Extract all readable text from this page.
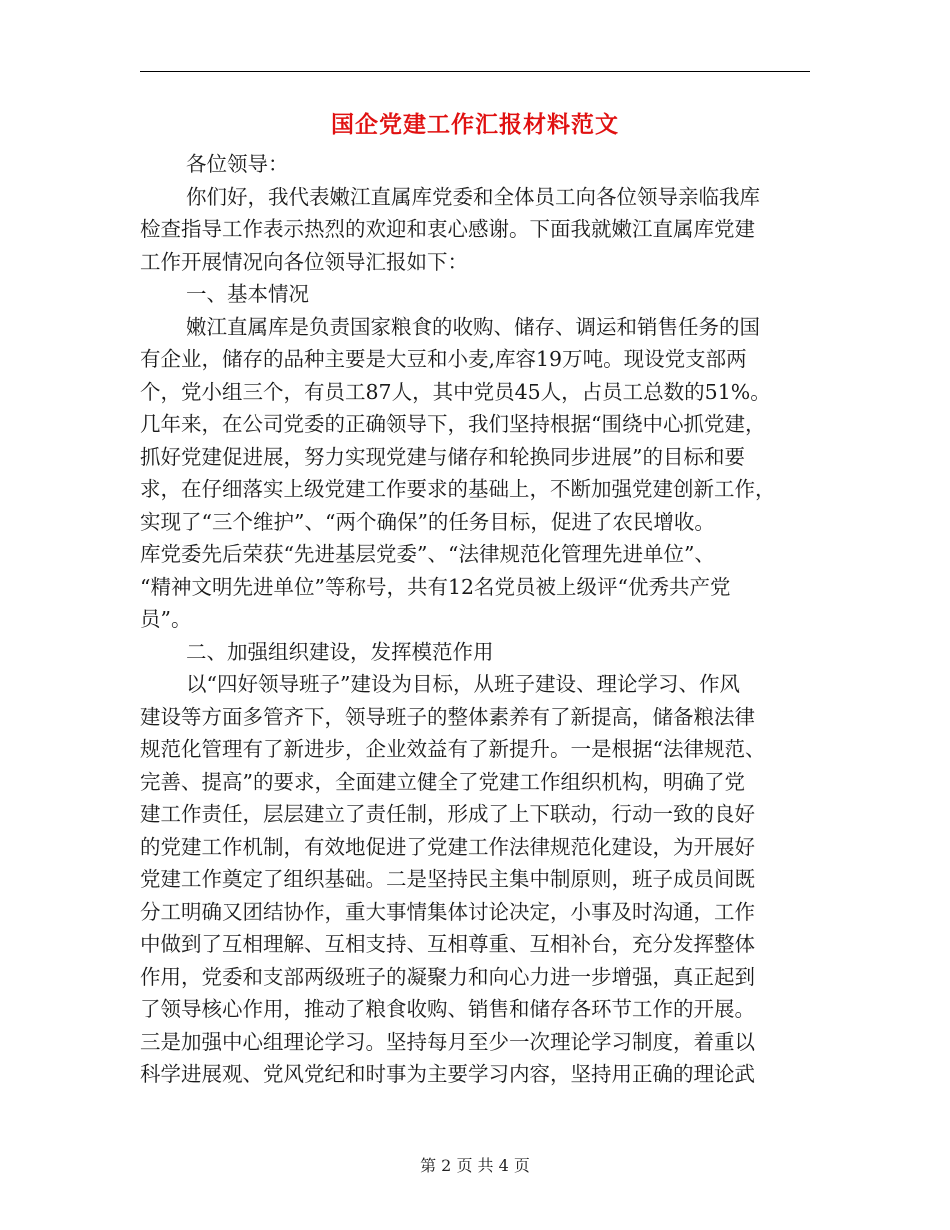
国企党建工作汇报材料范文
各位领导：
你们好，我代表嫩江直属库党委和全体员工向各位领导亲临我库
检查指导工作表示热烈的欢迎和衷心感谢。下面我就嫩江直属库党建
工作开展情况向各位领导汇报如下：
一、基本情况
嫩江直属库是负责国家粮食的收购、储存、调运和销售任务的国
有企业，储存的品种主要是大豆和小麦,库容19万吨。现设党支部两
个，党小组三个，有员工87人，其中党员45人，占员工总数的51%。
几年来，在公司党委的正确领导下，我们坚持根据“围绕中心抓党建，
抓好党建促进展，努力实现党建与储存和轮换同步进展”的目标和要
求，在仔细落实上级党建工作要求的基础上，不断加强党建创新工作，
实现了“三个维护”、“两个确保”的任务目标，促进了农民增收。
库党委先后荣获“先进基层党委”、“法律规范化管理先进单位”、
“精神文明先进单位”等称号，共有12名党员被上级评“优秀共产党
员”。
二、加强组织建设，发挥模范作用
以“四好领导班子”建设为目标，从班子建设、理论学习、作风
建设等方面多管齐下，领导班子的整体素养有了新提高，储备粮法律
规范化管理有了新进步，企业效益有了新提升。一是根据“法律规范、
完善、提高”的要求，全面建立健全了党建工作组织机构，明确了党
建工作责任，层层建立了责任制，形成了上下联动，行动一致的良好
的党建工作机制，有效地促进了党建工作法律规范化建设，为开展好
党建工作奠定了组织基础。二是坚持民主集中制原则，班子成员间既
分工明确又团结协作，重大事情集体讨论决定，小事及时沟通，工作
中做到了互相理解、互相支持、互相尊重、互相补台，充分发挥整体
作用，党委和支部两级班子的凝聚力和向心力进一步增强，真正起到
了领导核心作用，推动了粮食收购、销售和储存各环节工作的开展。
三是加强中心组理论学习。坚持每月至少一次理论学习制度，着重以
科学进展观、党风党纪和时事为主要学习内容，坚持用正确的理论武
第 2 页 共 4 页
